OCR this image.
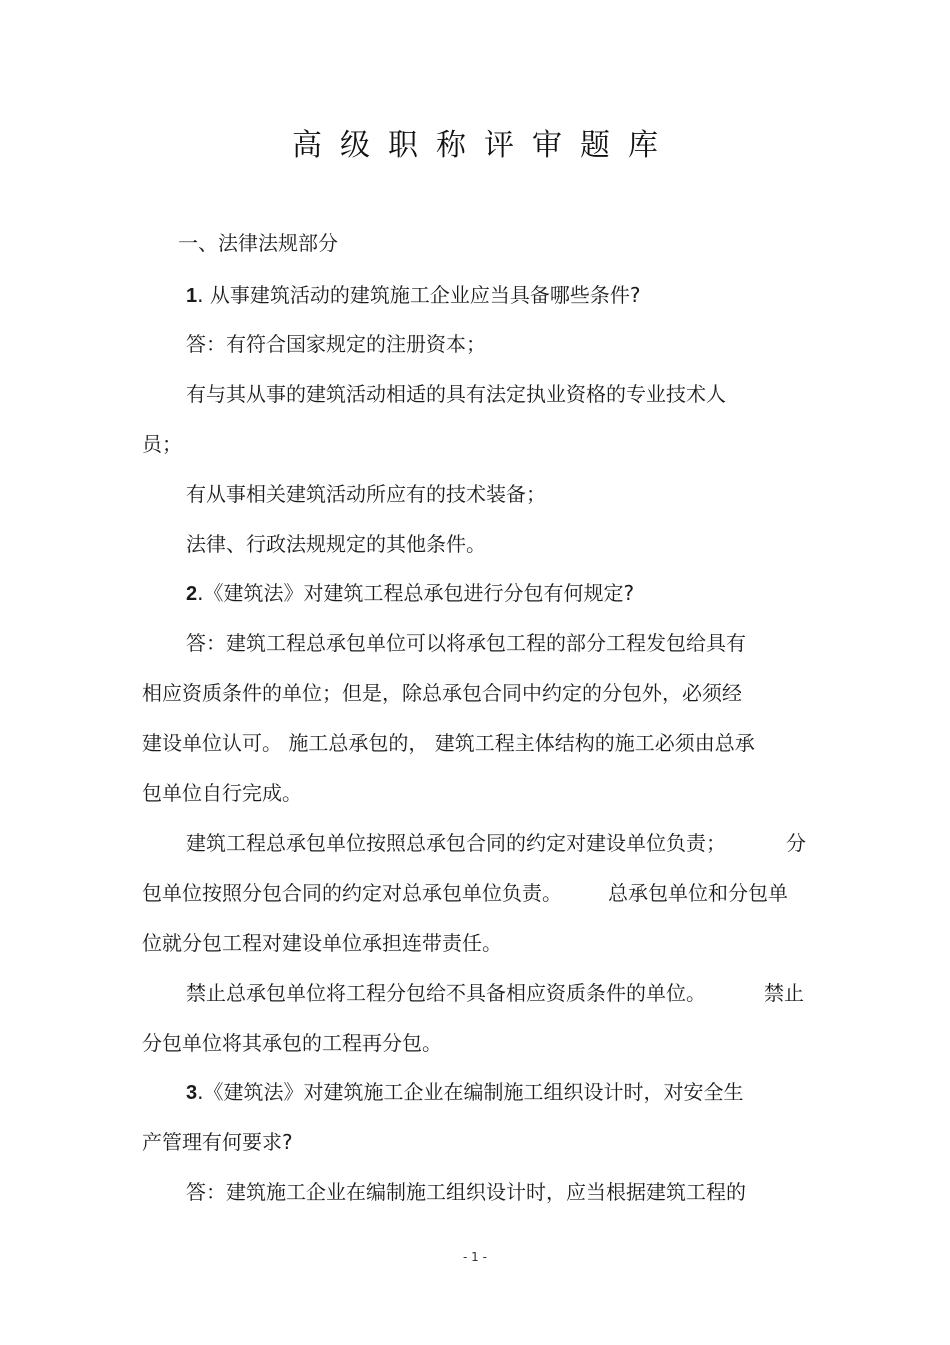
高级职称评审题库
一、法律法规部分
1. 从事建筑活动的建筑施工企业应当具备哪些条件?
答：有符合国家规定的注册资本；
有与其从事的建筑活动相适的具有法定执业资格的专业技术人
员；
有从事相关建筑活动所应有的技术装备；
法律、行政法规规定的其他条件。
2.《建筑法》对建筑工程总承包进行分包有何规定?
答：建筑工程总承包单位可以将承包工程的部分工程发包给具有
相应资质条件的单位；但是，除总承包合同中约定的分包外，必须经
建设单位认可。 施工总承包的， 建筑工程主体结构的施工必须由总承
包单位自行完成。
建筑工程总承包单位按照总承包合同的约定对建设单位负责；	分
包单位按照分包合同的约定对总承包单位负责。 总承包单位和分包单
位就分包工程对建设单位承担连带责任。
禁止总承包单位将工程分包给不具备相应资质条件的单位。	禁止
分包单位将其承包的工程再分包。
3.《建筑法》对建筑施工企业在编制施工组织设计时，对安全生
产管理有何要求?
答：建筑施工企业在编制施工组织设计时，应当根据建筑工程的
- 1 -
